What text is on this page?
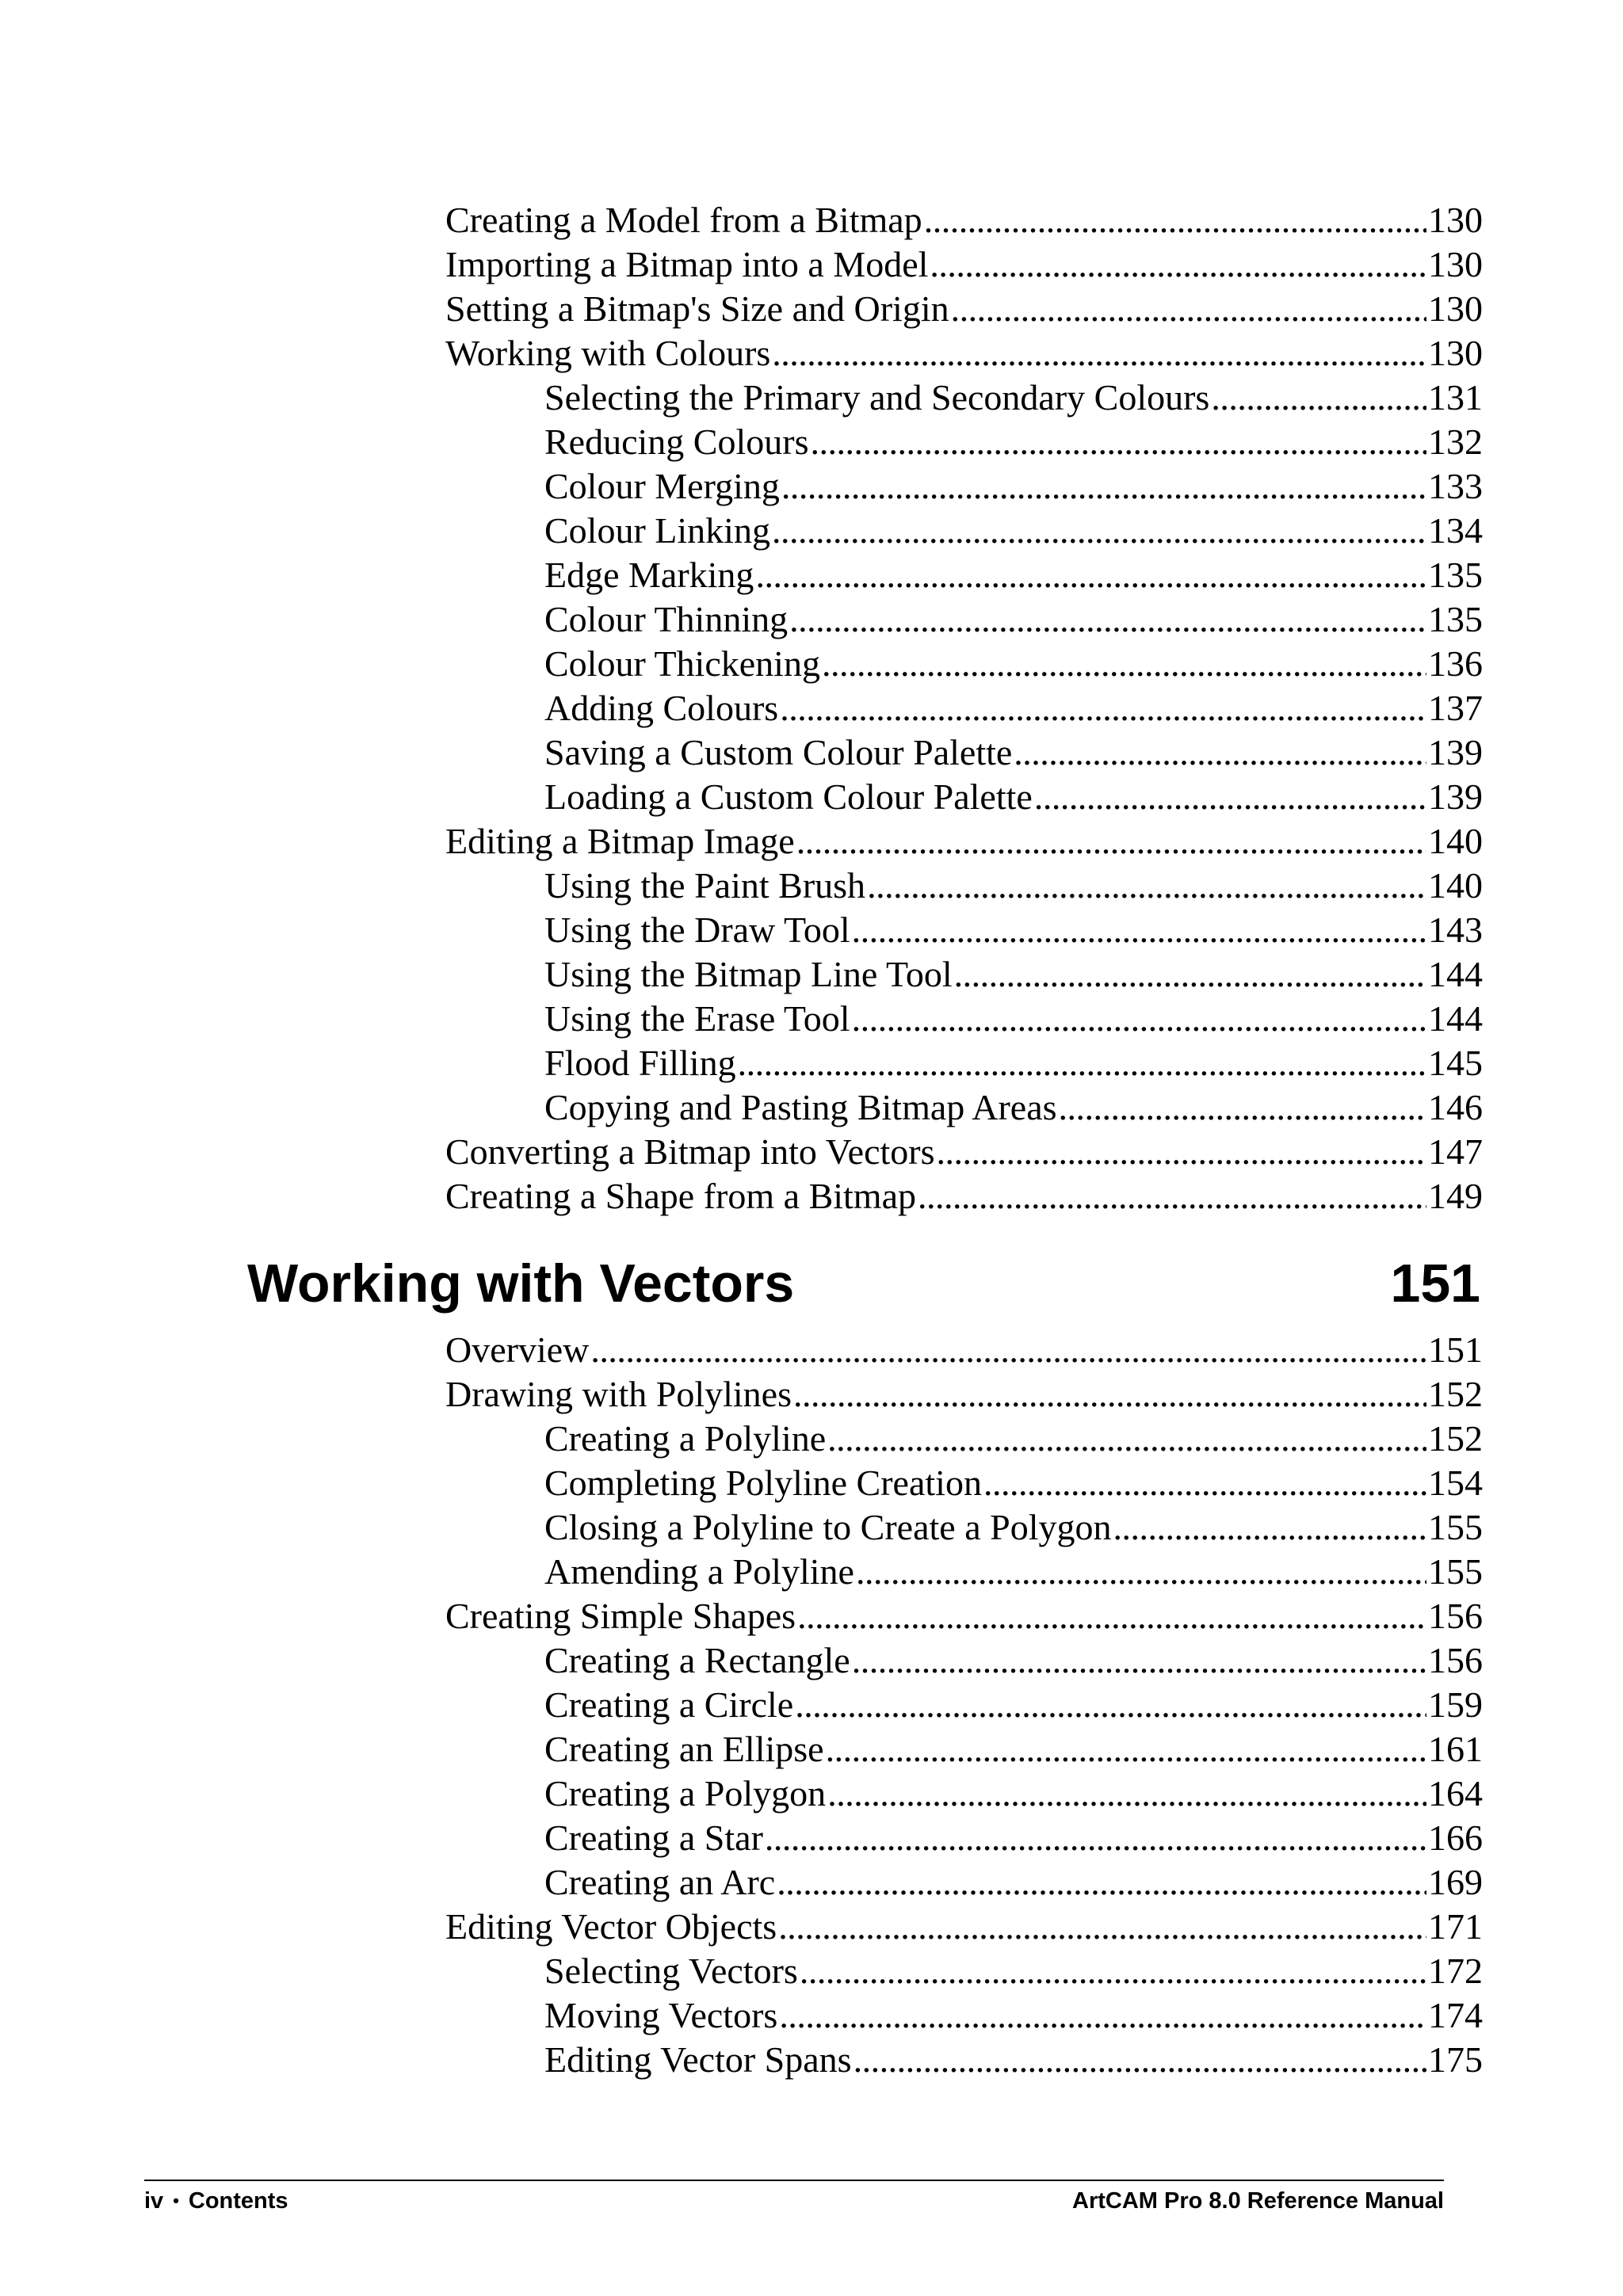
Creating a Model from a Bitmap . . .	130
Importing a Bitmap into a Model . . .	130
Setting a Bitmap's Size and Origin . . .	130
Working with Colours . . .	130
Selecting the Primary and Secondary Colours . . .	131
Reducing Colours . . .	132
Colour Merging . . .	133
Colour Linking . . .	134
Edge Marking . . .	135
Colour Thinning . . .	135
Colour Thickening . . .	136
Adding Colours . . .	137
Saving a Custom Colour Palette . . .	139
Loading a Custom Colour Palette . . .	139
Editing a Bitmap Image . . .	140
Using the Paint Brush . . .	140
Using the Draw Tool . . .	143
Using the Bitmap Line Tool . . .	144
Using the Erase Tool . . .	144
Flood Filling . . .	145
Copying and Pasting Bitmap Areas . . .	146
Converting a Bitmap into Vectors . . .	147
Creating a Shape from a Bitmap . . .	149
Working with Vectors	151
Overview . . .	151
Drawing with Polylines . . .	152
Creating a Polyline . . .	152
Completing Polyline Creation . . .	154
Closing a Polyline to Create a Polygon . . .	155
Amending a Polyline . . .	155
Creating Simple Shapes . . .	156
Creating a Rectangle . . .	156
Creating a Circle . . .	159
Creating an Ellipse . . .	161
Creating a Polygon . . .	164
Creating a Star . . .	166
Creating an Arc . . .	169
Editing Vector Objects . . .	171
Selecting Vectors . . .	172
Moving Vectors . . .	174
Editing Vector Spans . . .	175
iv • Contents	ArtCAM Pro 8.0 Reference Manual
